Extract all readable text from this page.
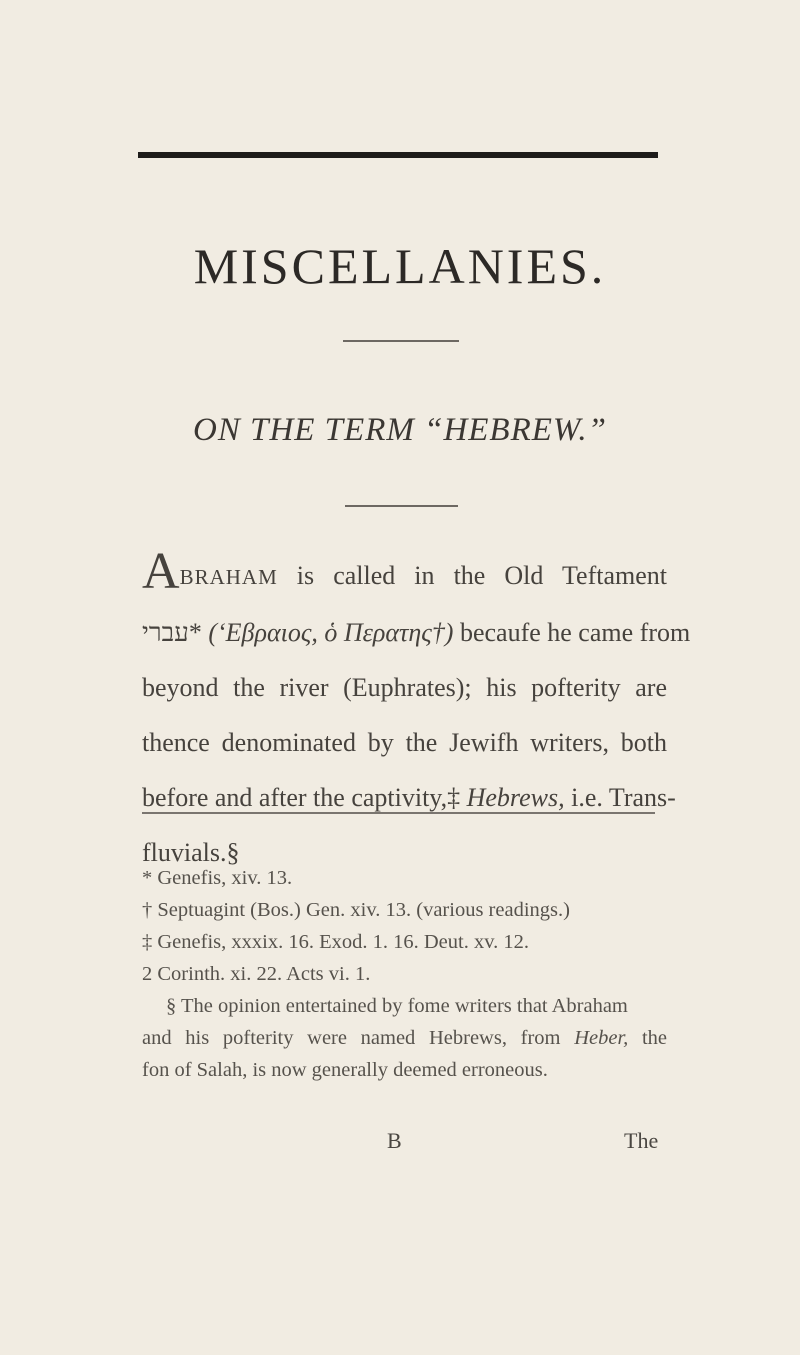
MISCELLANIES.
ON THE TERM “HEBREW.”
ABRAHAM is called in the Old Teftament
עברי* (‘Εβραιος, ὁ Περατης†) becaufe he came from
beyond the river (Euphrates); his pofterity are
thence denominated by the Jewifh writers, both
before and after the captivity,‡ Hebrews, i.e. Trans-
fluvials.§
* Genefis, xiv. 13.
† Septuagint (Bos.) Gen. xiv. 13. (various readings.)
‡ Genefis, xxxix. 16. Exod. 1. 16. Deut. xv. 12.
2 Corinth. xi. 22. Acts vi. 1.
§ The opinion entertained by fome writers that Abraham
and his pofterity were named Hebrews, from Heber, the
fon of Salah, is now generally deemed erroneous.
B	The
